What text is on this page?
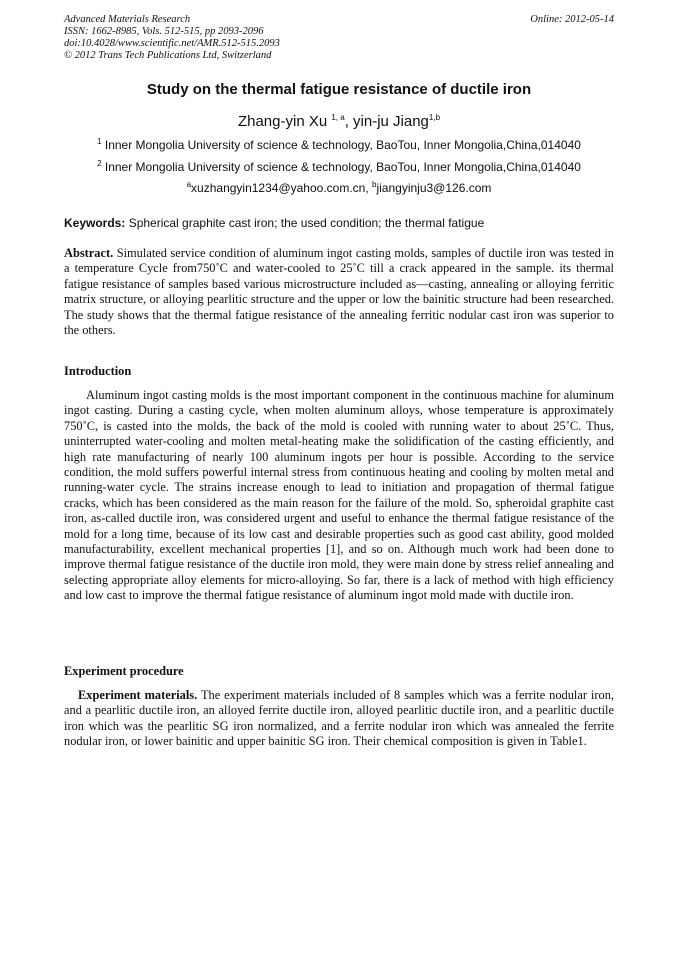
Advanced Materials Research
ISSN: 1662-8985, Vols. 512-515, pp 2093-2096
doi:10.4028/www.scientific.net/AMR.512-515.2093
© 2012 Trans Tech Publications Ltd, Switzerland
Online: 2012-05-14
Study on the thermal fatigue resistance of ductile iron
Zhang-yin Xu $^{1, a}$, yin-ju Jiang$^{1,b}$
$^1$ Inner Mongolia University of science & technology, BaoTou, Inner Mongolia,China,014040
$^2$ Inner Mongolia University of science & technology, BaoTou, Inner Mongolia,China,014040
$^a$xuzhangyin1234@yahoo.com.cn, $^b$jiangyinju3@126.com
Keywords: Spherical graphite cast iron; the used condition; the thermal fatigue

Abstract. Simulated service condition of aluminum ingot casting molds, samples of ductile iron was tested in a temperature Cycle from750˚C and water-cooled to 25˚C till a crack appeared in the sample. its thermal fatigue resistance of samples based various microstructure included as—casting, annealing or alloying ferritic matrix structure, or alloying pearlitic structure and the upper or low the bainitic structure had been researched. The study shows that the thermal fatigue resistance of the annealing ferritic nodular cast iron was superior to the others.

Introduction

Aluminum ingot casting molds is the most important component in the continuous machine for aluminum ingot casting. During a casting cycle, when molten aluminum alloys, whose temperature is approximately 750˚C, is casted into the molds, the back of the mold is cooled with running water to about 25˚C. Thus, uninterrupted water-cooling and molten metal-heating make the solidification of the casting efficiently, and high rate manufacturing of nearly 100 aluminum ingots per hour is possible. According to the service condition, the mold suffers powerful internal stress from continuous heating and cooling by molten metal and running-water cycle. The strains increase enough to lead to initiation and propagation of thermal fatigue cracks, which has been considered as the main reason for the failure of the mold. So, spheroidal graphite cast iron, as-called ductile iron, was considered urgent and useful to enhance the thermal fatigue resistance of the mold for a long time, because of its low cast and desirable properties such as good cast ability, good molded manufacturability, excellent mechanical properties [1], and so on. Although much work had been done to improve thermal fatigue resistance of the ductile iron mold, they were main done by stress relief annealing and selecting appropriate alloy elements for micro-alloying. So far, there is a lack of method with high efficiency and low cast to improve the thermal fatigue resistance of aluminum ingot mold made with ductile iron.

Experiment procedure

Experiment materials. The experiment materials included of 8 samples which was a ferrite nodular iron, and a pearlitic ductile iron, an alloyed ferrite ductile iron, alloyed pearlitic ductile iron, and a pearlitic ductile iron which was the pearlitic SG iron normalized, and a ferrite nodular iron which was annealed the ferrite nodular iron, or lower bainitic and upper bainitic SG iron. Their chemical composition is given in Table1.
